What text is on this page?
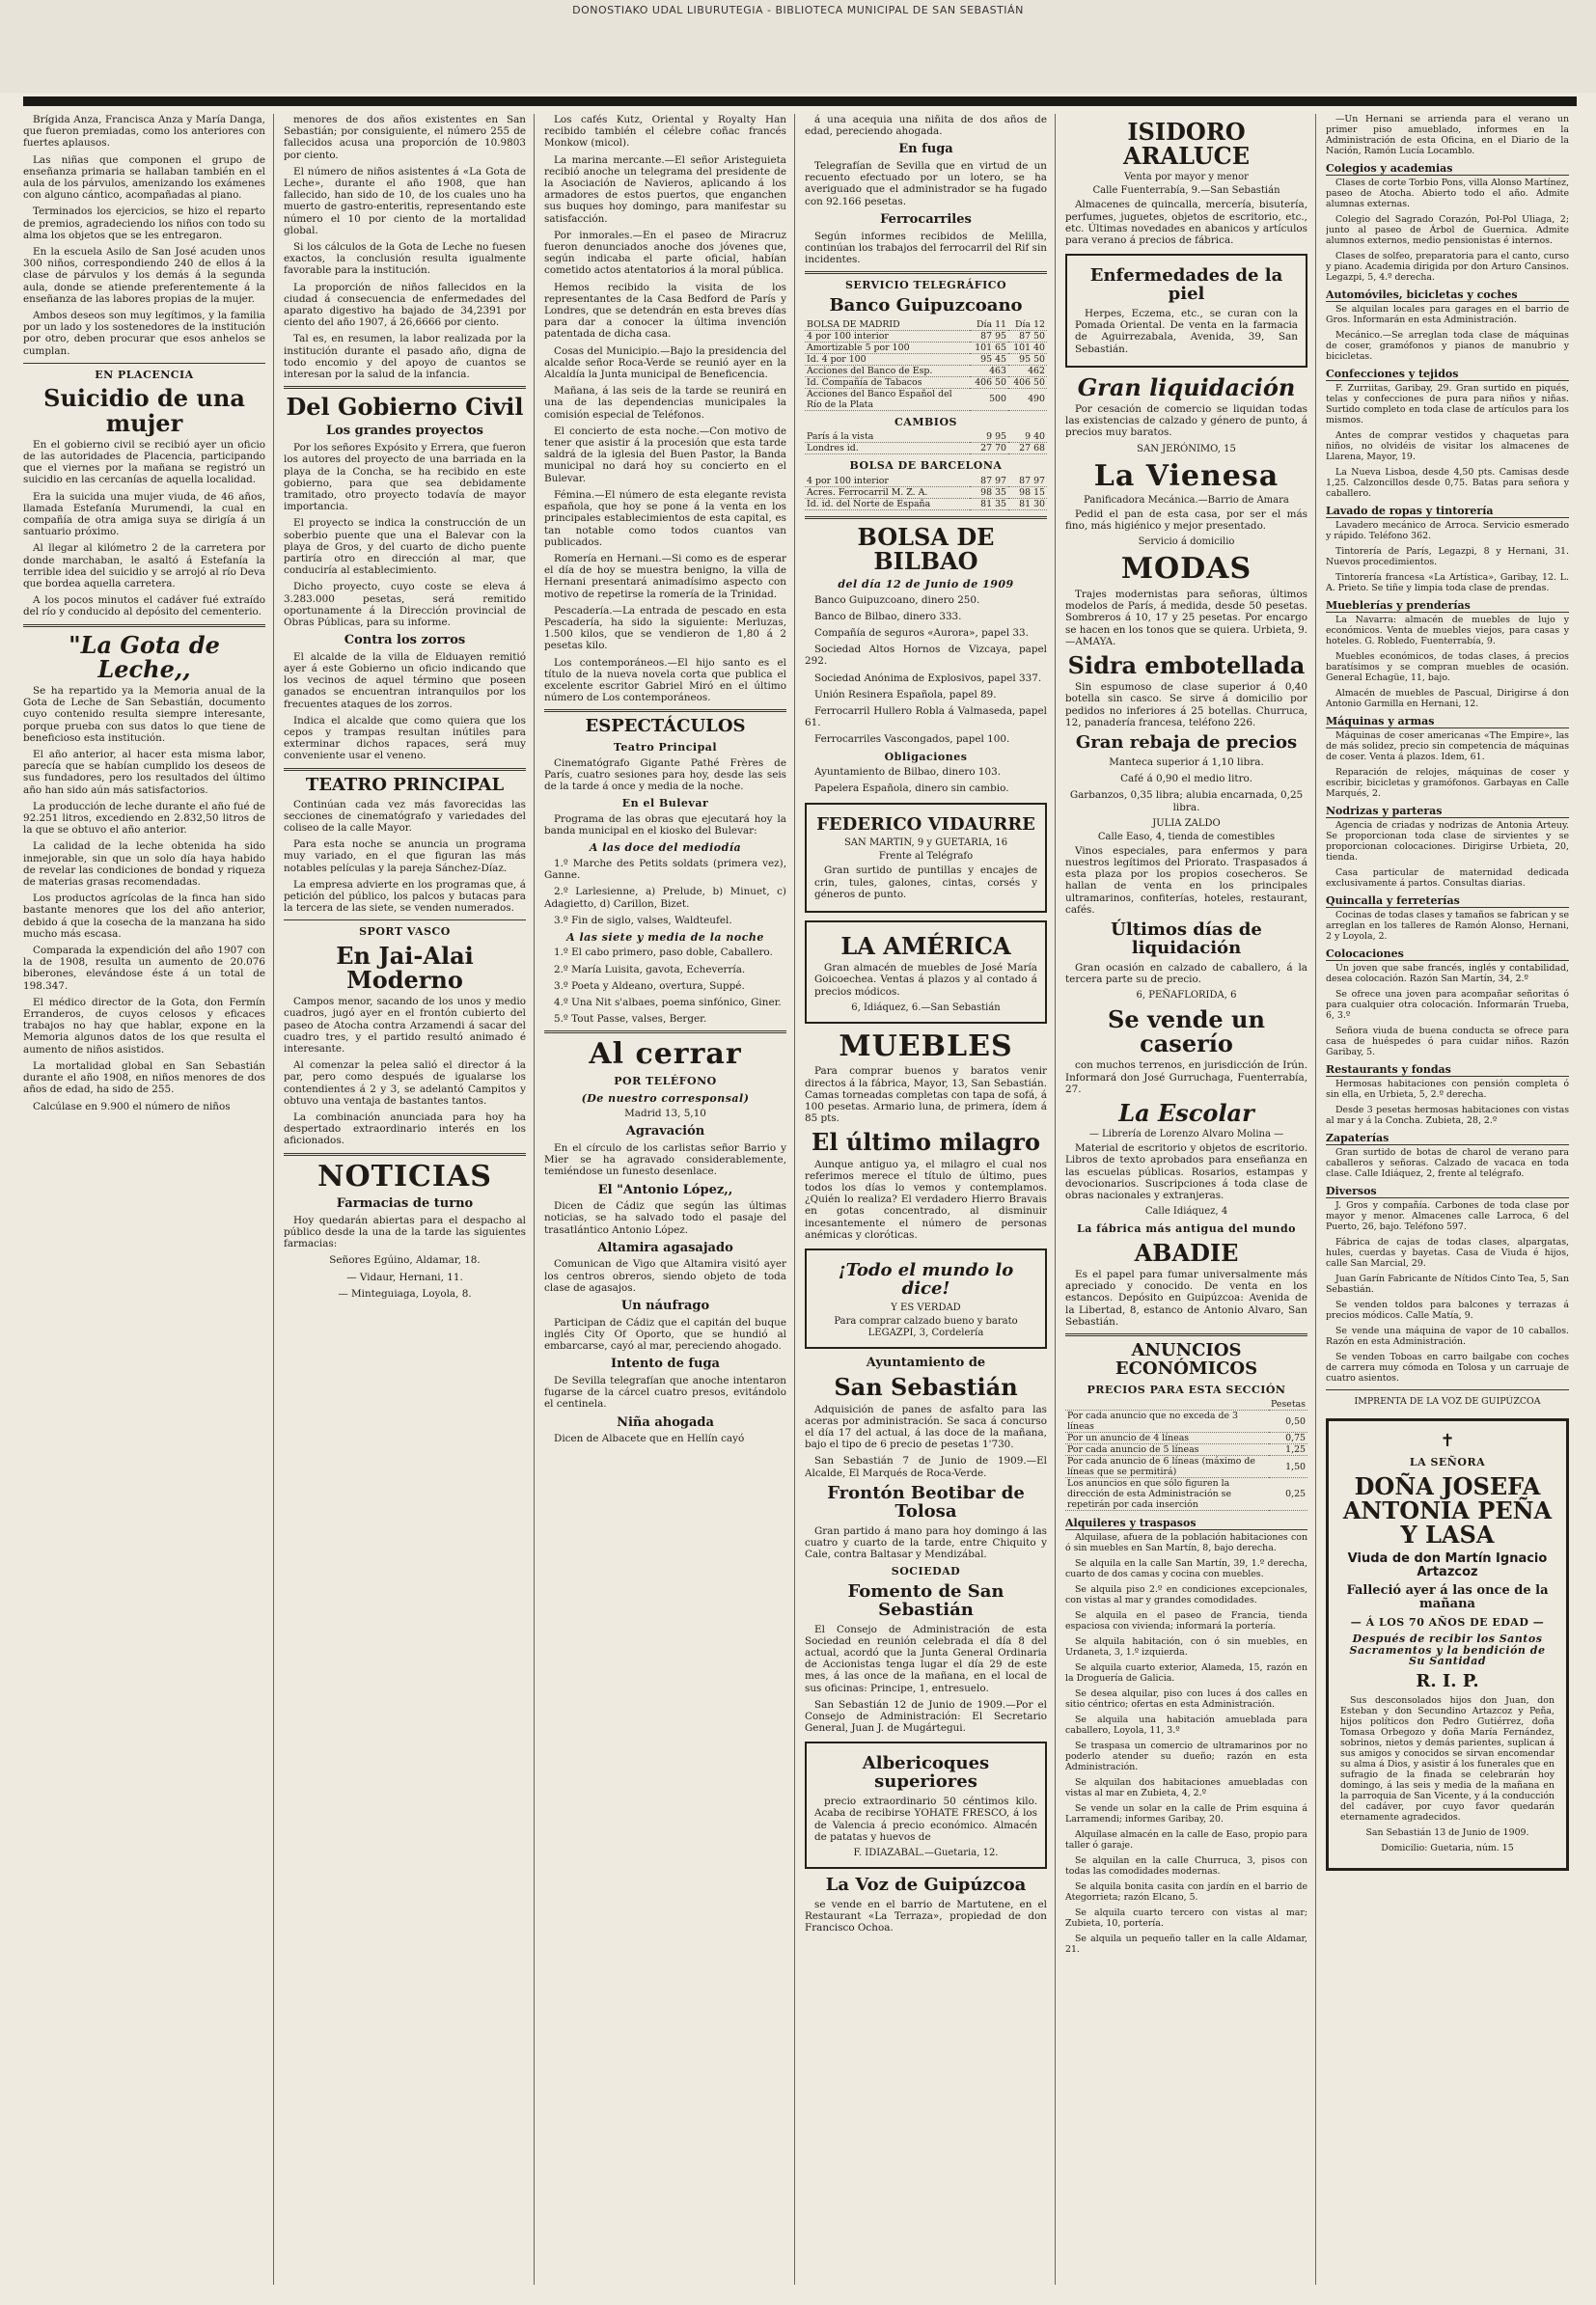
DONOSTIAKO UDAL LIBURUTEGIA - BIBLIOTECA MUNICIPAL DE SAN SEBASTIÁN

Brígida Anza, Francisca Anza y María Danga, que fueron premiadas, como los anteriores con fuertes aplausos.

Las niñas que componen el grupo de enseñanza primaria se hallaban también en el aula de los párvulos, amenizando los exámenes con alguno cántico, acompañadas al piano.

Terminados los ejercicios, se hizo el reparto de premios, agradeciendo los niños con todo su alma los objetos que se les entregaron.

En la escuela Asilo de San José acuden unos 300 niños, correspondiendo 240 de ellos á la clase de párvulos y los demás á la segunda aula, donde se atiende preferentemente á la enseñanza de las labores propias de la mujer.

Ambos deseos son muy legítimos, y la familia por un lado y los sostenedores de la institución por otro, deben procurar que esos anhelos se cumplan.

EN PLACENCIA
Suicidio de una mujer

En el gobierno civil se recibió ayer un oficio de las autoridades de Placencia, participando que el viernes por la mañana se registró un suicidio en las cercanías de aquella localidad.

Era la suicida una mujer viuda, de 46 años, llamada Estefanía Murumendi, la cual en compañía de otra amiga suya se dirigía á un santuario próximo.

Al llegar al kilómetro 2 de la carretera por donde marchaban, le asaltó á Estefanía la terrible idea del suicidio y se arrojó al río Deva que bordea aquella carretera.

A los pocos minutos el cadáver fué extraído del río y conducido al depósito del cementerio.

"La Gota de Leche,,

Se ha repartido ya la Memoria anual de la Gota de Leche de San Sebastián, documento cuyo contenido resulta siempre interesante, porque prueba con sus datos lo que tiene de beneficioso esta institución.

El año anterior, al hacer esta misma labor, parecía que se habían cumplido los deseos de sus fundadores, pero los resultados del último año han sido aún más satisfactorios.

La producción de leche durante el año fué de 92.251 litros, excediendo en 2.832,50 litros de la que se obtuvo el año anterior.

La calidad de la leche obtenida ha sido inmejorable, sin que un solo día haya habido de revelar las condiciones de bondad y riqueza de materias grasas recomendadas.

Los productos agrícolas de la finca han sido bastante menores que los del año anterior, debido á que la cosecha de la manzana ha sido mucho más escasa.

Comparada la expendición del año 1907 con la de 1908, resulta un aumento de 20.076 biberones, elevándose éste á un total de 198.347.

El médico director de la Gota, don Fermín Erranderos, de cuyos celosos y eficaces trabajos no hay que hablar, expone en la Memoria algunos datos de los que resulta el aumento de niños asistidos.

La mortalidad global en San Sebastián durante el año 1908, en niños menores de dos años de edad, ha sido de 255.

Calcúlase en 9.900 el número de niños

menores de dos años existentes en San Sebastián; por consiguiente, el número 255 de fallecidos acusa una proporción de 10.9803 por ciento.

El número de niños asistentes á «La Gota de Leche», durante el año 1908, que han fallecido, han sido de 10, de los cuales uno ha muerto de gastro-enteritis, representando este número el 10 por ciento de la mortalidad global.

Si los cálculos de la Gota de Leche no fuesen exactos, la conclusión resulta igualmente favorable para la institución.

La proporción de niños fallecidos en la ciudad á consecuencia de enfermedades del aparato digestivo ha bajado de 34,2391 por ciento del año 1907, á 26,6666 por ciento.

Tal es, en resumen, la labor realizada por la institución durante el pasado año, digna de todo encomio y del apoyo de cuantos se interesan por la salud de la infancia.

Del Gobierno Civil
Los grandes proyectos

Por los señores Expósito y Errera, que fueron los autores del proyecto de una barriada en la playa de la Concha, se ha recibido en este gobierno, para que sea debidamente tramitado, otro proyecto todavía de mayor importancia.

El proyecto se indica la construcción de un soberbio puente que una el Balevar con la playa de Gros, y del cuarto de dicho puente partiría otro en dirección al mar, que conduciría al establecimiento.

Dicho proyecto, cuyo coste se eleva á 3.283.000 pesetas, será remitido oportunamente á la Dirección provincial de Obras Públicas, para su informe.

Contra los zorros

El alcalde de la villa de Elduayen remitió ayer á este Gobierno un oficio indicando que los vecinos de aquel término que poseen ganados se encuentran intranquilos por los frecuentes ataques de los zorros.

Indica el alcalde que como quiera que los cepos y trampas resultan inútiles para exterminar dichos rapaces, será muy conveniente usar el veneno.

TEATRO PRINCIPAL

Continúan cada vez más favorecidas las secciones de cinematógrafo y variedades del coliseo de la calle Mayor.

Para esta noche se anuncia un programa muy variado, en el que figuran las más notables películas y la pareja Sánchez-Díaz.

La empresa advierte en los programas que, á petición del público, los palcos y butacas para la tercera de las siete, se venden numerados.

SPORT VASCO
En Jai-Alai Moderno

Campos menor, sacando de los unos y medio cuadros, jugó ayer en el frontón cubierto del paseo de Atocha contra Arzamendi á sacar del cuadro tres, y el partido resultó animado é interesante.

Al comenzar la pelea salió el director á la par, pero como después de igualarse los contendientes á 2 y 3, se adelantó Campitos y obtuvo una ventaja de bastantes tantos.

La combinación anunciada para hoy ha despertado extraordinario interés en los aficionados.

NOTICIAS
Farmacias de turno

Hoy quedarán abiertas para el despacho al público desde la una de la tarde las siguientes farmacias:

Señores Egúino, Aldamar, 18.

— Vidaur, Hernani, 11.

— Minteguiaga, Loyola, 8.

Los cafés Kutz, Oriental y Royalty Han recibido también el célebre coñac francés Monkow (micol).

La marina mercante.—El señor Aristeguieta recibió anoche un telegrama del presidente de la Asociación de Navieros, aplicando á los armadores de estos puertos, que enganchen sus buques hoy domingo, para manifestar su satisfacción.

Por inmorales.—En el paseo de Miracruz fueron denunciados anoche dos jóvenes que, según indicaba el parte oficial, habían cometido actos atentatorios á la moral pública.

Hemos recibido la visita de los representantes de la Casa Bedford de París y Londres, que se detendrán en esta breves días para dar a conocer la última invención patentada de dicha casa.

Cosas del Municipio.—Bajo la presidencia del alcalde señor Roca-Verde se reunió ayer en la Alcaldía la Junta municipal de Beneficencia.

Mañana, á las seis de la tarde se reunirá en una de las dependencias municipales la comisión especial de Teléfonos.

El concierto de esta noche.—Con motivo de tener que asistir á la procesión que esta tarde saldrá de la iglesia del Buen Pastor, la Banda municipal no dará hoy su concierto en el Bulevar.

Fémina.—El número de esta elegante revista española, que hoy se pone á la venta en los principales establecimientos de esta capital, es tan notable como todos cuantos van publicados.

Romería en Hernani.—Si como es de esperar el día de hoy se muestra benigno, la villa de Hernani presentará animadísimo aspecto con motivo de repetirse la romería de la Trinidad.

Pescadería.—La entrada de pescado en esta Pescadería, ha sido la siguiente: Merluzas, 1.500 kilos, que se vendieron de 1,80 á 2 pesetas kilo.

Los contemporáneos.—El hijo santo es el título de la nueva novela corta que publica el excelente escritor Gabriel Miró en el último número de Los contemporáneos.

ESPECTÁCULOS
Teatro Principal

Cinematógrafo Gigante Pathé Frères de París, cuatro sesiones para hoy, desde las seis de la tarde á once y media de la noche.

En el Bulevar

Programa de las obras que ejecutará hoy la banda municipal en el kiosko del Bulevar:

A las doce del mediodía

1.º Marche des Petits soldats (primera vez), Ganne.

2.º Larlesienne, a) Prelude, b) Minuet, c) Adagietto, d) Carillon, Bizet.

3.º Fin de siglo, valses, Waldteufel.

A las siete y media de la noche

1.º El cabo primero, paso doble, Caballero.

2.º María Luisita, gavota, Echeverría.

3.º Poeta y Aldeano, overtura, Suppé.

4.º Una Nit s'albaes, poema sinfónico, Giner.

5.º Tout Passe, valses, Berger.

Al cerrar
POR TELÉFONO
(De nuestro corresponsal)

Madrid 13, 5,10

Agravación

En el círculo de los carlistas señor Barrio y Mier se ha agravado considerablemente, temiéndose un funesto desenlace.

El "Antonio López,,

Dicen de Cádiz que según las últimas noticias, se ha salvado todo el pasaje del trasatlántico Antonio López.

Altamira agasajado

Comunican de Vigo que Altamira visitó ayer los centros obreros, siendo objeto de toda clase de agasajos.

Un náufrago

Participan de Cádiz que el capitán del buque inglés City Of Oporto, que se hundió al embarcarse, cayó al mar, pereciendo ahogado.

Intento de fuga

De Sevilla telegrafían que anoche intentaron fugarse de la cárcel cuatro presos, evitándolo el centinela.

Niña ahogada

Dicen de Albacete que en Hellín cayó

á una acequia una niñita de dos años de edad, pereciendo ahogada.

En fuga

Telegrafían de Sevilla que en virtud de un recuento efectuado por un lotero, se ha averiguado que el administrador se ha fugado con 92.166 pesetas.

Ferrocarriles

Según informes recibidos de Melilla, continúan los trabajos del ferrocarril del Rif sin incidentes.

SERVICIO TELEGRÁFICO
Banco Guipuzcoano
BOLSA DE MADRID	Día 11	Día 12
4 por 100 interior	87 95	87 50
Amortizable 5 por 100	101 65	101 40
Id. 4 por 100	95 45	95 50
Acciones del Banco de Esp.	463	462
Id. Compañía de Tabacos	406 50	406 50
Acciones del Banco Español del Río de la Plata	500	490
CAMBIOS
París á la vista	9 95	9 40
Londres id.	27 70	27 68
BOLSA DE BARCELONA
4 por 100 interior	87 97	87 97
Acres. Ferrocarril M. Z. A.	98 35	98 15
Id. id. del Norte de España	81 35	81 30
BOLSA DE BILBAO
del día 12 de Junio de 1909

Banco Guipuzcoano, dinero 250.

Banco de Bilbao, dinero 333.

Compañía de seguros «Aurora», papel 33.

Sociedad Altos Hornos de Vizcaya, papel 292.

Sociedad Anónima de Explosivos, papel 337.

Unión Resinera Española, papel 89.

Ferrocarril Hullero Robla á Valmaseda, papel 61.

Ferrocarriles Vascongados, papel 100.

Obligaciones

Ayuntamiento de Bilbao, dinero 103.

Papelera Española, dinero sin cambio.

FEDERICO VIDAURRE

SAN MARTIN, 9 y GUETARIA, 16

Frente al Telégrafo

Gran surtido de puntillas y encajes de crin, tules, galones, cintas, corsés y géneros de punto.

LA AMÉRICA

Gran almacén de muebles de José María Goicoechea. Ventas á plazos y al contado á precios módicos.

6, Idiáquez, 6.—San Sebastián

MUEBLES

Para comprar buenos y baratos venir directos á la fábrica, Mayor, 13, San Sebastián. Camas torneadas completas con tapa de sofá, á 100 pesetas. Armario luna, de primera, ídem á 85 pts.

El último milagro

Aunque antiguo ya, el milagro el cual nos referimos merece el título de último, pues todos los días lo vemos y contemplamos. ¿Quién lo realiza? El verdadero Hierro Bravais en gotas concentrado, al disminuir incesantemente el número de personas anémicas y cloróticas.

¡Todo el mundo lo dice!

Y ES VERDAD

Para comprar calzado bueno y barato LEGAZPI, 3, Cordelería

Ayuntamiento de
San Sebastián

Adquisición de panes de asfalto para las aceras por administración. Se saca á concurso el día 17 del actual, á las doce de la mañana, bajo el tipo de 6 precio de pesetas 1'730.

San Sebastián 7 de Junio de 1909.—El Alcalde, El Marqués de Roca-Verde.

Frontón Beotibar de Tolosa

Gran partido á mano para hoy domingo á las cuatro y cuarto de la tarde, entre Chiquito y Cale, contra Baltasar y Mendizábal.

SOCIEDAD
Fomento de San Sebastián

El Consejo de Administración de esta Sociedad en reunión celebrada el día 8 del actual, acordó que la Junta General Ordinaria de Accionistas tenga lugar el día 29 de este mes, á las once de la mañana, en el local de sus oficinas: Principe, 1, entresuelo.

San Sebastián 12 de Junio de 1909.—Por el Consejo de Administración: El Secretario General, Juan J. de Mugártegui.

Albericoques superiores

precio extraordinario 50 céntimos kilo. Acaba de recibirse YOHATE FRESCO, á los de Valencia á precio económico. Almacén de patatas y huevos de

F. IDIAZABAL.—Guetaria, 12.

La Voz de Guipúzcoa

se vende en el barrio de Martutene, en el Restaurant «La Terraza», propiedad de don Francisco Ochoa.

ISIDORO ARALUCE

Venta por mayor y menor

Calle Fuenterrabía, 9.—San Sebastián

Almacenes de quincalla, mercería, bisutería, perfumes, juguetes, objetos de escritorio, etc., etc. Últimas novedades en abanicos y artículos para verano á precios de fábrica.

Enfermedades de la piel

Herpes, Eczema, etc., se curan con la Pomada Oriental. De venta en la farmacia de Aguirrezabala, Avenida, 39, San Sebastián.

Gran liquidación

Por cesación de comercio se liquidan todas las existencias de calzado y género de punto, á precios muy baratos.

SAN JERÓNIMO, 15

La Vienesa

Panificadora Mecánica.—Barrio de Amara

Pedid el pan de esta casa, por ser el más fino, más higiénico y mejor presentado.

Servicio á domicilio

MODAS

Trajes modernistas para señoras, últimos modelos de París, á medida, desde 50 pesetas. Sombreros á 10, 17 y 25 pesetas. Por encargo se hacen en los tonos que se quiera. Urbieta, 9.—AMAYA.

Sidra embotellada

Sin espumoso de clase superior á 0,40 botella sin casco. Se sirve á domicilio por pedidos no inferiores á 25 botellas. Churruca, 12, panadería francesa, teléfono 226.

Gran rebaja de precios

Manteca superior á 1,10 libra.

Café á 0,90 el medio litro.

Garbanzos, 0,35 libra; alubia encarnada, 0,25 libra.

JULIA ZALDO

Calle Easo, 4, tienda de comestibles

Vinos especiales, para enfermos y para nuestros legítimos del Priorato. Traspasados á esta plaza por los propios cosecheros. Se hallan de venta en los principales ultramarinos, confiterías, hoteles, restaurant, cafés.

Últimos días de liquidación

Gran ocasión en calzado de caballero, á la tercera parte su de precio.

6, PEÑAFLORIDA, 6

Se vende un caserío

con muchos terrenos, en jurisdicción de Irún. Informará don José Gurruchaga, Fuenterrabía, 27.

La Escolar

— Librería de Lorenzo Alvaro Molina —

Material de escritorio y objetos de escritorio. Libros de texto aprobados para enseñanza en las escuelas públicas. Rosarios, estampas y devocionarios. Suscripciones á toda clase de obras nacionales y extranjeras.

Calle Idiáquez, 4

La fábrica más antigua del mundo
ABADIE

Es el papel para fumar universalmente más apreciado y conocido. De venta en los estancos. Depósito en Guipúzcoa: Avenida de la Libertad, 8, estanco de Antonio Alvaro, San Sebastián.

ANUNCIOS ECONÓMICOS
PRECIOS PARA ESTA SECCIÓN
	Pesetas
Por cada anuncio que no exceda de 3 líneas	0,50
Por un anuncio de 4 líneas	0,75
Por cada anuncio de 5 líneas	1,25
Por cada anuncio de 6 líneas (máximo de líneas que se permitirá)	1,50
Los anuncios en que sólo figuren la dirección de esta Administración se repetirán por cada inserción	0,25
Alquileres y traspasos

Alquilase, afuera de la población habitaciones con ó sin muebles en San Martín, 8, bajo derecha.

Se alquila en la calle San Martín, 39, 1.º derecha, cuarto de dos camas y cocina con muebles.

Se alquila piso 2.º en condiciones excepcionales, con vistas al mar y grandes comodidades.

Se alquila en el paseo de Francia, tienda espaciosa con vivienda; informará la portería.

Se alquila habitación, con ó sin muebles, en Urdaneta, 3, 1.º izquierda.

Se alquila cuarto exterior, Alameda, 15, razón en la Droguería de Galicia.

Se desea alquilar, piso con luces á dos calles en sitio céntrico; ofertas en esta Administración.

Se alquila una habitación amueblada para caballero, Loyola, 11, 3.º

Se traspasa un comercio de ultramarinos por no poderlo atender su dueño; razón en esta Administración.

Se alquilan dos habitaciones amuebladas con vistas al mar en Zubieta, 4, 2.º

Se vende un solar en la calle de Prim esquina á Larramendi; informes Garibay, 20.

Alquílase almacén en la calle de Easo, propio para taller ó garaje.

Se alquilan en la calle Churruca, 3, pisos con todas las comodidades modernas.

Se alquila bonita casita con jardín en el barrio de Ategorrieta; razón Elcano, 5.

Se alquila cuarto tercero con vistas al mar; Zubieta, 10, portería.

Se alquila un pequeño taller en la calle Aldamar, 21.

—Un Hernani se arrienda para el verano un primer piso amueblado, informes en la Administración de esta Oficina, en el Diario de la Nación, Ramón Lucía Locamblo.

Colegios y academias

Clases de corte Torbio Pons, villa Alonso Martínez, paseo de Atocha. Abierto todo el año. Admite alumnas externas.

Colegio del Sagrado Corazón, Pol-Pol Uliaga, 2; junto al paseo de Árbol de Guernica. Admite alumnos externos, medio pensionistas é internos.

Clases de solfeo, preparatoria para el canto, curso y piano. Academia dirigida por don Arturo Cansinos. Legazpi, 5, 4.º derecha.

Automóviles, bicicletas y coches

Se alquilan locales para garages en el barrio de Gros. Informarán en esta Administración.

Mecánico.—Se arreglan toda clase de máquinas de coser, gramófonos y pianos de manubrio y bicicletas.

Confecciones y tejidos

F. Zurriitas, Garibay, 29. Gran surtido en piqués, telas y confecciones de pura para niños y niñas. Surtido completo en toda clase de artículos para los mismos.

Antes de comprar vestidos y chaquetas para niños, no olvidéis de visitar los almacenes de Llarena, Mayor, 19.

La Nueva Lisboa, desde 4,50 pts. Camisas desde 1,25. Calzoncillos desde 0,75. Batas para señora y caballero.

Lavado de ropas y tintorería

Lavadero mecánico de Arroca. Servicio esmerado y rápido. Teléfono 362.

Tintorería de París, Legazpi, 8 y Hernani, 31. Nuevos procedimientos.

Tintorería francesa «La Artística», Garibay, 12. L. A. Prieto. Se tiñe y limpia toda clase de prendas.

Mueblerías y prenderías

La Navarra: almacén de muebles de lujo y económicos. Venta de muebles viejos, para casas y hoteles. G. Robledo, Fuenterrabía, 9.

Muebles económicos, de todas clases, á precios baratísimos y se compran muebles de ocasión. General Echagüe, 11, bajo.

Almacén de muebles de Pascual, Dirigirse á don Antonio Garmilla en Hernani, 12.

Máquinas y armas

Máquinas de coser americanas «The Empire», las de más solidez, precio sin competencia de máquinas de coser. Venta á plazos. Idem, 61.

Reparación de relojes, máquinas de coser y escribir, bicicletas y gramófonos. Garbayas en Calle Marqués, 2.

Nodrizas y parteras

Agencia de criadas y nodrizas de Antonia Arteuy. Se proporcionan toda clase de sirvientes y se proporcionan colocaciones. Dirigirse Urbieta, 20, tienda.

Casa particular de maternidad dedicada exclusivamente á partos. Consultas diarias.

Quincalla y ferreterías

Cocinas de todas clases y tamaños se fabrican y se arreglan en los talleres de Ramón Alonso, Hernani, 2 y Loyola, 2.

Colocaciones

Un joven que sabe francés, inglés y contabilidad, desea colocación. Razón San Martín, 34, 2.º

Se ofrece una joven para acompañar señoritas ó para cualquier otra colocación. Informarán Trueba, 6, 3.º

Señora viuda de buena conducta se ofrece para casa de huéspedes ó para cuidar niños. Razón Garibay, 5.

Restaurants y fondas

Hermosas habitaciones con pensión completa ó sin ella, en Urbieta, 5, 2.º derecha.

Desde 3 pesetas hermosas habitaciones con vistas al mar y á la Concha. Zubieta, 28, 2.º

Zapaterías

Gran surtido de botas de charol de verano para caballeros y señoras. Calzado de vacaca en toda clase. Calle Idiáquez, 2, frente al telégrafo.

Diversos

J. Gros y compañía. Carbones de toda clase por mayor y menor. Almacenes calle Larroca, 6 del Puerto, 26, bajo. Teléfono 597.

Fábrica de cajas de todas clases, alpargatas, hules, cuerdas y bayetas. Casa de Viuda é hijos, calle San Marcial, 29.

Juan Garín Fabricante de Nítidos Cinto Tea, 5, San Sebastián.

Se venden toldos para balcones y terrazas á precios módicos. Calle Matía, 9.

Se vende una máquina de vapor de 10 caballos. Razón en esta Administración.

Se venden Toboas en carro bailgabe con coches de carrera muy cómoda en Tolosa y un carruaje de cuatro asientos.

IMPRENTA DE LA VOZ DE GUIPÚZCOA

✝
LA SEÑORA
DOÑA JOSEFA ANTONIA PEÑA Y LASA
Viuda de don Martín Ignacio Artazcoz
Falleció ayer á las once de la mañana
— Á LOS 70 AÑOS DE EDAD —
Después de recibir los Santos Sacramentos y la bendición de Su Santidad
R. I. P.

Sus desconsolados hijos don Juan, don Esteban y don Secundino Artazcoz y Peña, hijos políticos don Pedro Gutiérrez, doña Tomasa Orbegozo y doña María Fernández, sobrinos, nietos y demás parientes, suplican á sus amigos y conocidos se sirvan encomendar su alma á Dios, y asistir á los funerales que en sufragio de la finada se celebrarán hoy domingo, á las seis y media de la mañana en la parroquia de San Vicente, y á la conducción del cadáver, por cuyo favor quedarán eternamente agradecidos.

San Sebastián 13 de Junio de 1909.

Domicilio: Guetaria, núm. 15
